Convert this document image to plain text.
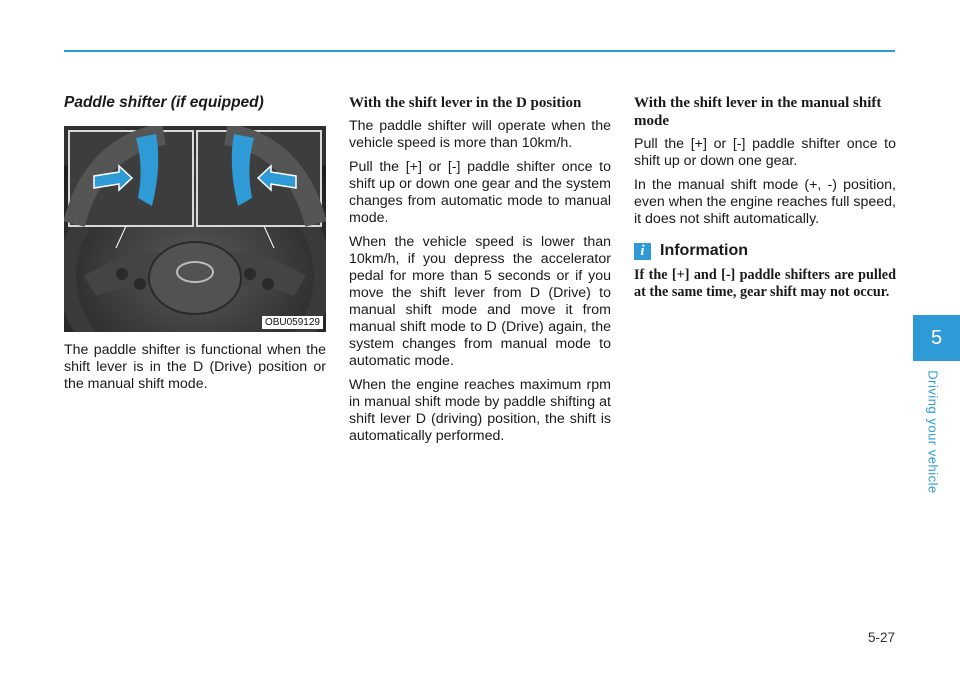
Paddle shifter (if equipped)
OBU059129

The paddle shifter is functional when the shift lever is in the D (Drive) position or the manual shift mode.

With the shift lever in the D position

The paddle shifter will operate when the vehicle speed is more than 10km/h.

Pull the [+] or [-] paddle shifter once to shift up or down one gear and the system changes from automatic mode to manual mode.

When the vehicle speed is lower than 10km/h, if you depress the accelerator pedal for more than 5 seconds or if you move the shift lever from D (Drive) to manual shift mode and move it from manual shift mode to D (Drive) again, the system changes from manual mode to automatic mode.

When the engine reaches maximum rpm in manual shift mode by paddle shifting at shift lever D (driving) position, the shift is automatically performed.

With the shift lever in the manual shift mode

Pull the [+] or [-] paddle shifter once to shift up or down one gear.

In the manual shift mode (+, -) position, even when the engine reaches full speed, it does not shift automatically.

i Information

If the [+] and [-] paddle shifters are pulled at the same time, gear shift may not occur.

5
Driving your vehicle
5-27
